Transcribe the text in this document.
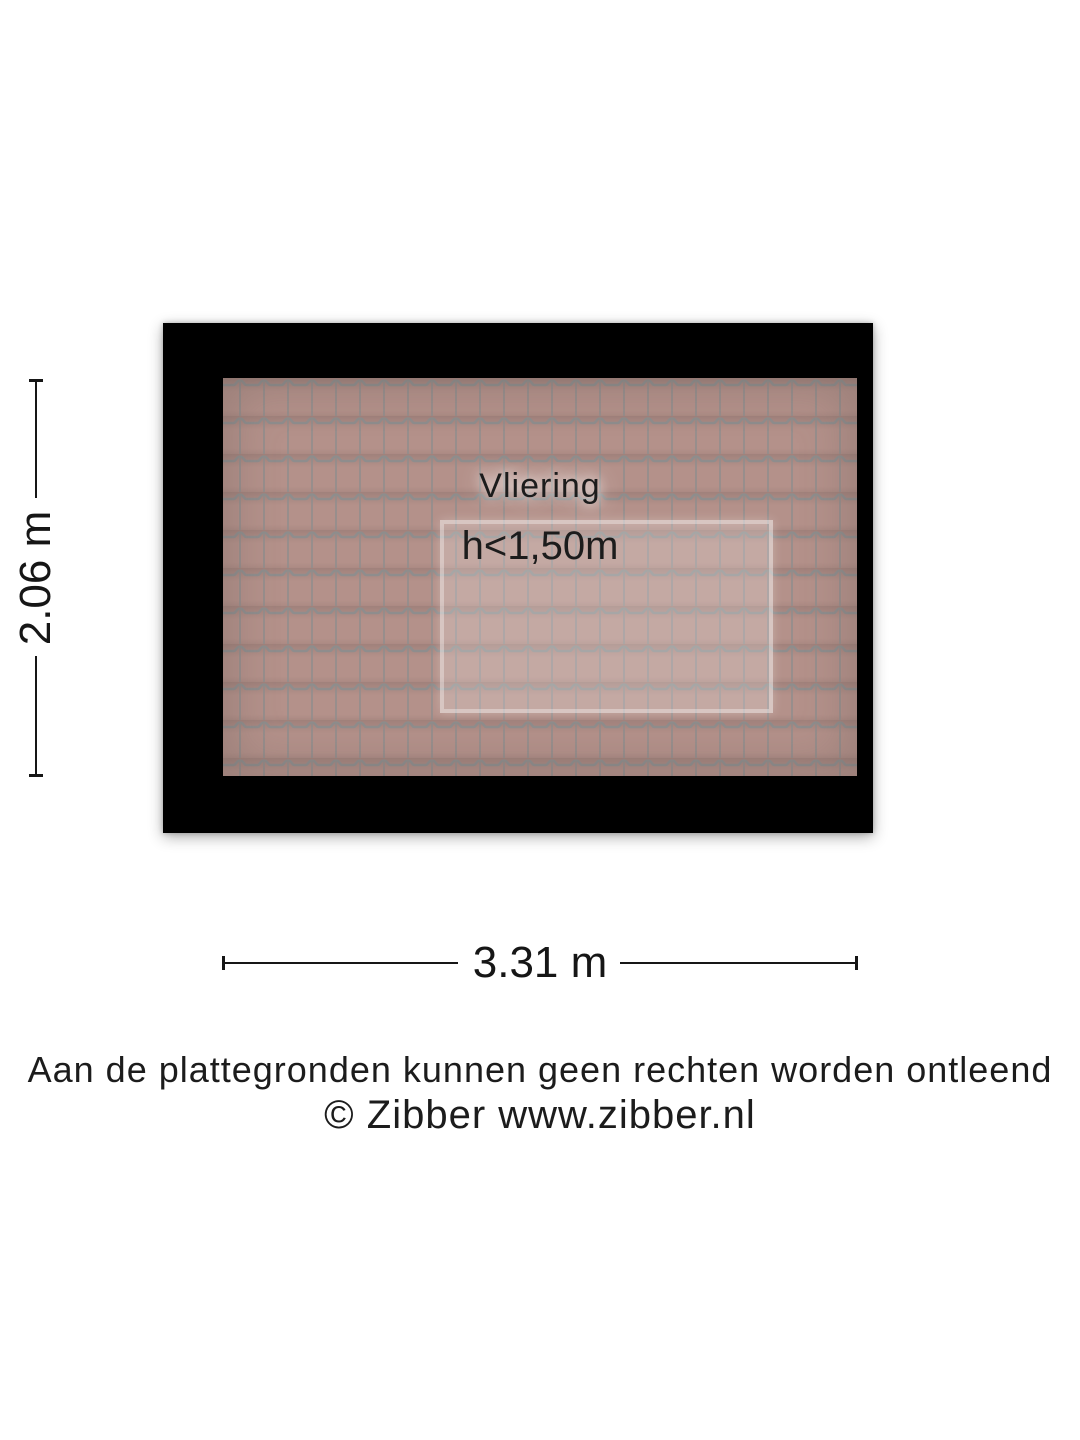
Vliering
h<1,50m
2.06 m
3.31 m
Aan de plattegronden kunnen geen rechten worden ontleend
© Zibber www.zibber.nl
